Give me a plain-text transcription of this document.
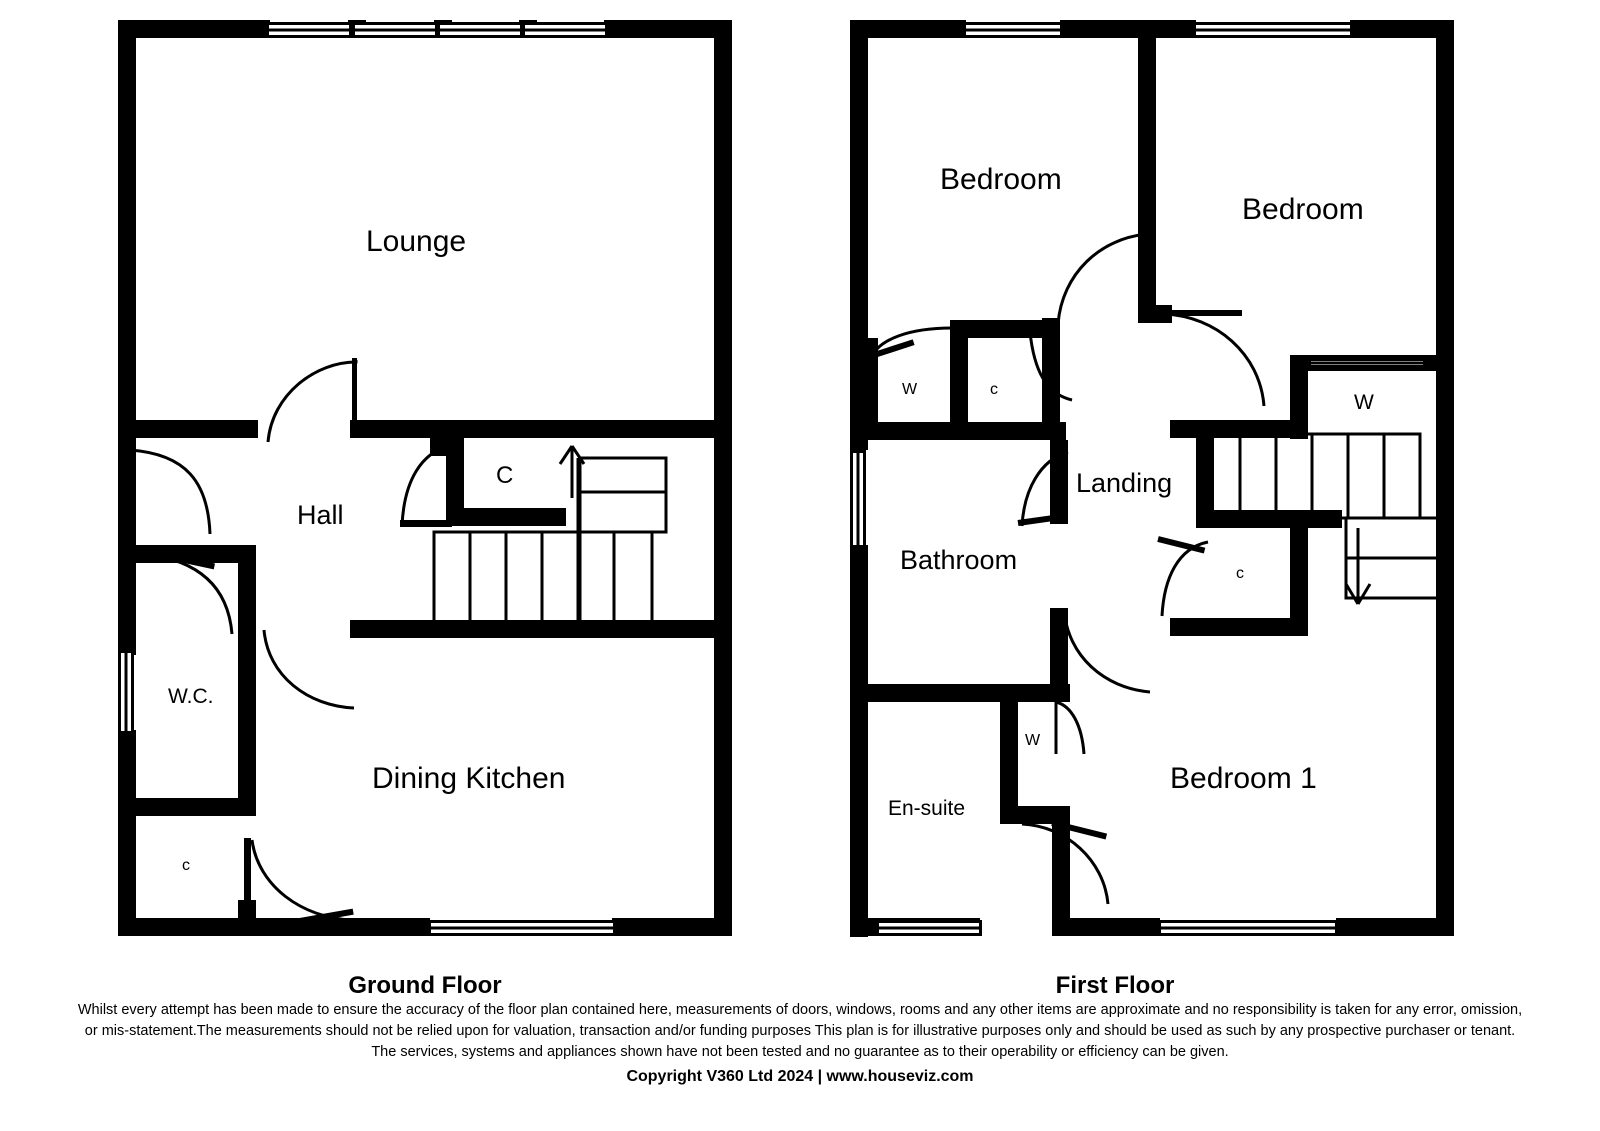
Lounge
Hall
Dining Kitchen
W.C.
C
c
Ground Floor
Bedroom
Bedroom
Bedroom 1
Landing
Bathroom
En-suite
W	c
W
c
W
First Floor
Whilst every attempt has been made to ensure the accuracy of the floor plan contained here, measurements of doors, windows, rooms and any other items are approximate and no responsibility is taken for any error, omission,
or mis-statement.The measurements should not be relied upon for valuation, transaction and/or funding purposes This plan is for illustrative purposes only and should be used as such by any prospective purchaser or tenant.
The services, systems and appliances shown have not been tested and no guarantee as to their operability or efficiency can be given.
Copyright V360 Ltd 2024 | www.houseviz.com
